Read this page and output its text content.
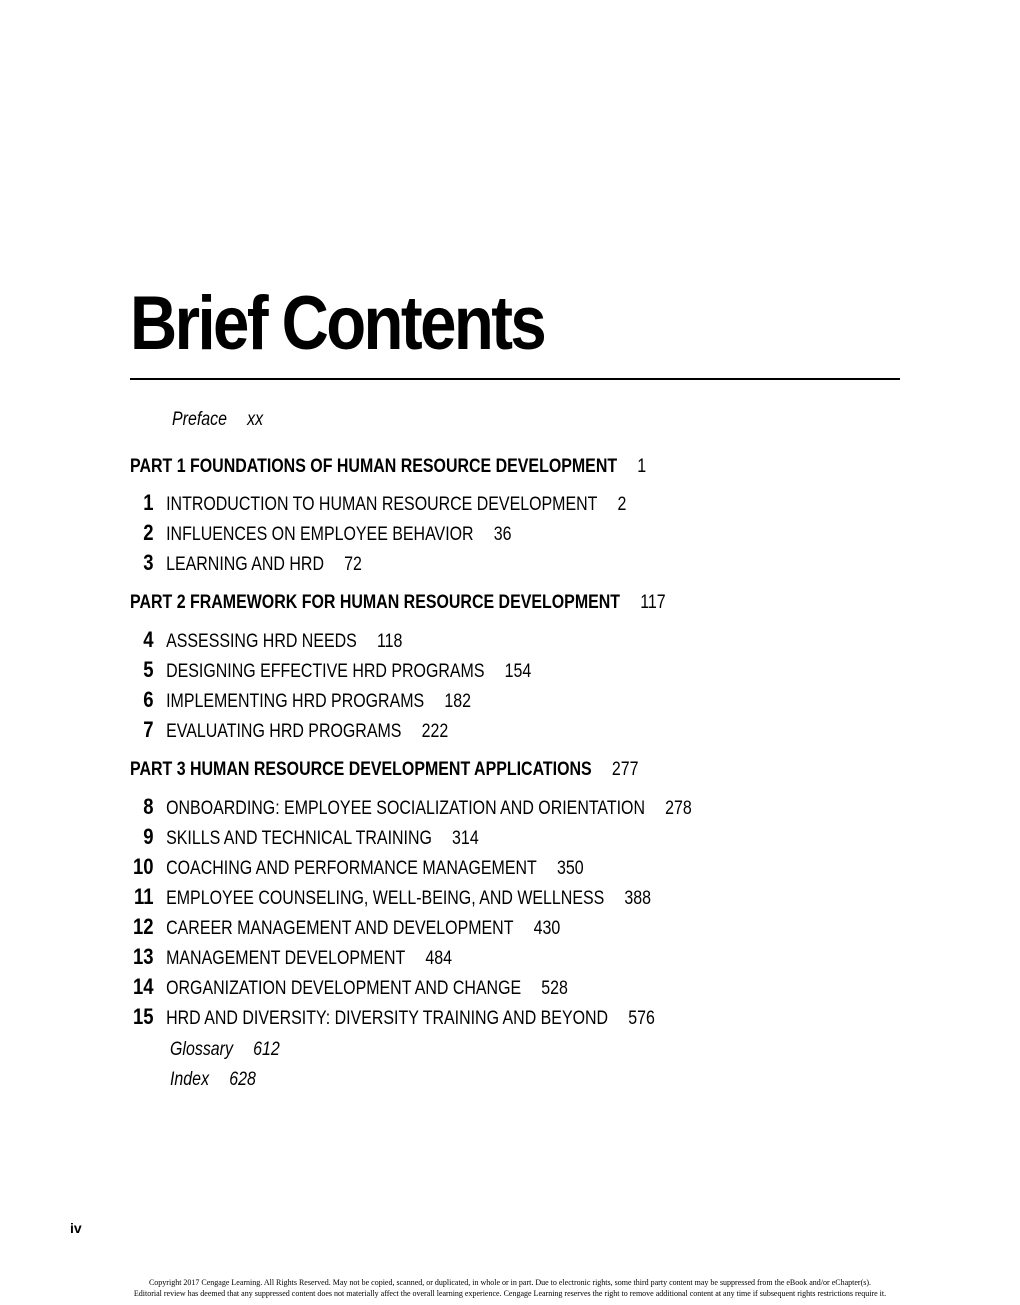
Brief Contents
Preface xx
PART 1 FOUNDATIONS OF HUMAN RESOURCE DEVELOPMENT 1
1 INTRODUCTION TO HUMAN RESOURCE DEVELOPMENT 2
2 INFLUENCES ON EMPLOYEE BEHAVIOR 36
3 LEARNING AND HRD 72
PART 2 FRAMEWORK FOR HUMAN RESOURCE DEVELOPMENT 117
4 ASSESSING HRD NEEDS 118
5 DESIGNING EFFECTIVE HRD PROGRAMS 154
6 IMPLEMENTING HRD PROGRAMS 182
7 EVALUATING HRD PROGRAMS 222
PART 3 HUMAN RESOURCE DEVELOPMENT APPLICATIONS 277
8 ONBOARDING: EMPLOYEE SOCIALIZATION AND ORIENTATION 278
9 SKILLS AND TECHNICAL TRAINING 314
10 COACHING AND PERFORMANCE MANAGEMENT 350
11 EMPLOYEE COUNSELING, WELL-BEING, AND WELLNESS 388
12 CAREER MANAGEMENT AND DEVELOPMENT 430
13 MANAGEMENT DEVELOPMENT 484
14 ORGANIZATION DEVELOPMENT AND CHANGE 528
15 HRD AND DIVERSITY: DIVERSITY TRAINING AND BEYOND 576
Glossary 612
Index 628
iv
Copyright 2017 Cengage Learning. All Rights Reserved. May not be copied, scanned, or duplicated, in whole or in part. Due to electronic rights, some third party content may be suppressed from the eBook and/or eChapter(s).
Editorial review has deemed that any suppressed content does not materially affect the overall learning experience. Cengage Learning reserves the right to remove additional content at any time if subsequent rights restrictions require it.
